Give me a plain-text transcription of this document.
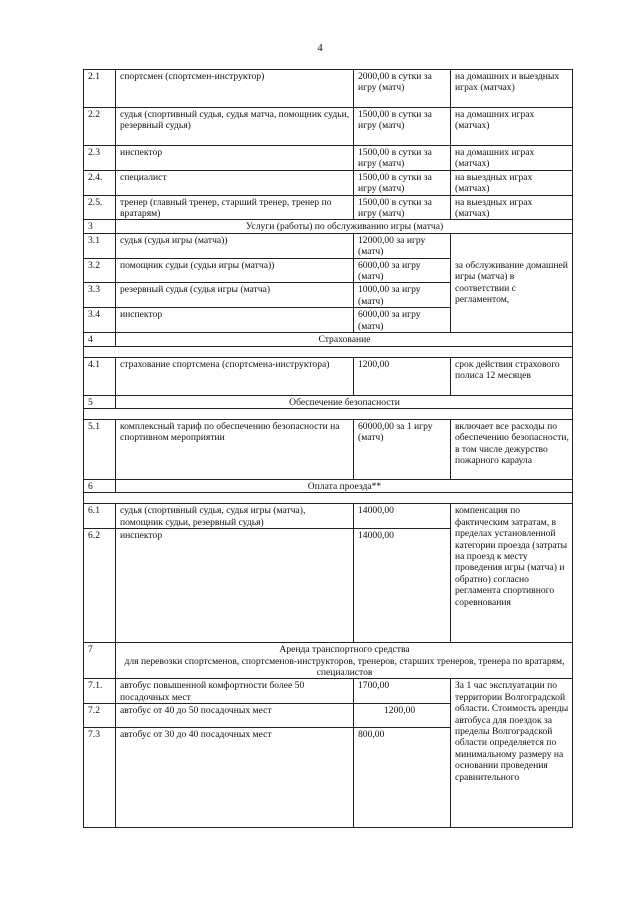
4
2.1	спортсмен (спортсмен-инструктор)	2000,00 в сутки за игру (матч)	на домашних и выездных играх (матчах)
2.2	судья (спортивный судья, судья матча, помощник судьи, резервный судья)	1500,00 в сутки за игру (матч)	на домашних играх (матчах)
2.3	инспектор	1500,00 в сутки за игру (матч)	на домашних играх (матчах)
2.4.	специалист	1500,00 в сутки за игру (матч)	на выездных играх (матчах)
2.5.	тренер (главный тренер, старший тренер, тренер по вратарям)	1500,00 в сутки за игру (матч)	на выездных играх (матчах)
3	Услуги (работы) по обслуживанию игры (матча)		
3.1	судья (судья игры (матча))	12000,00 за игру (матч)	за обслуживание домашней игры (матча) в соответствии с регламентом,
3.2	помощник судьи (судьи игры (матча))	6000,00 за игру (матч)	
3.3	резервный судья (судья игры (матча)	1000,00 за игру (матч)	
3.4	инспектор	6000,00 за игру (матч)	
4	Страхование		

4.1	страхование спортсмена (спортсмена-инструктора)	1200,00	срок действия страхового полиса 12 месяцев
5	Обеспечение безопасности		

5.1	комплексный тариф по обеспечению безопасности на спортивном мероприятии	60000,00 за 1 игру (матч)	включает все расходы по обеспечению безопасности, в том числе дежурство пожарного караула
6	Оплата проезда**		

6.1	судья (спортивный судья, судья игры (матча), помощник судьи, резервный судья)	14000,00	компенсация по фактическим затратам, в пределах установленной категории проезда (затраты на проезд к месту проведения игры (матча) и обратно) согласно регламента спортивного соревнования
6.2	инспектор	14000,00	
7	Аренда транспортного средства
для перевозки спортсменов, спортсменов-инструкторов, тренеров, старших тренеров, тренера по вратарям, специалистов		
7.1.	автобус повышенной комфортности более 50 посадочных мест	1700,00	За 1 час эксплуатации по территории Волгоградской области. Стоимость аренды автобуса для поездок за пределы Волгоградской области определяется по минимальному размеру на основании проведения сравнительного
7.2	автобус от 40 до 50 посадочных мест	1200,00	
7.3	автобус от 30 до 40 посадочных мест	800,00	
